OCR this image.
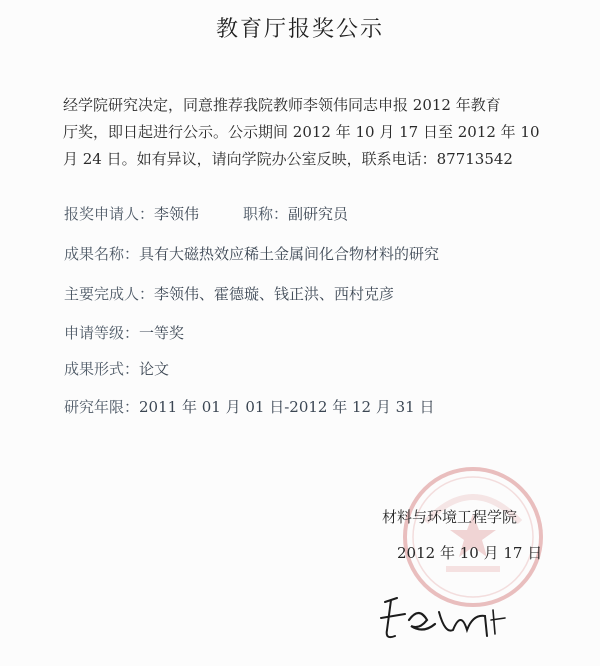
教育厅报奖公示
经学院研究决定，同意推荐我院教师李领伟同志申报 2012 年教育
厅奖，即日起进行公示。公示期间 2012 年 10 月 17 日至 2012 年 10
月 24 日。如有异议，请向学院办公室反映，联系电话：87713542
报奖申请人：李领伟	职称：副研究员
成果名称：具有大磁热效应稀土金属间化合物材料的研究
主要完成人：李领伟、霍德璇、钱正洪、西村克彦
申请等级：一等奖
成果形式：论文
研究年限：2011 年 01 月 01 日-2012 年 12 月 31 日
材料与环境工程学院
2012 年 10 月 17 日
